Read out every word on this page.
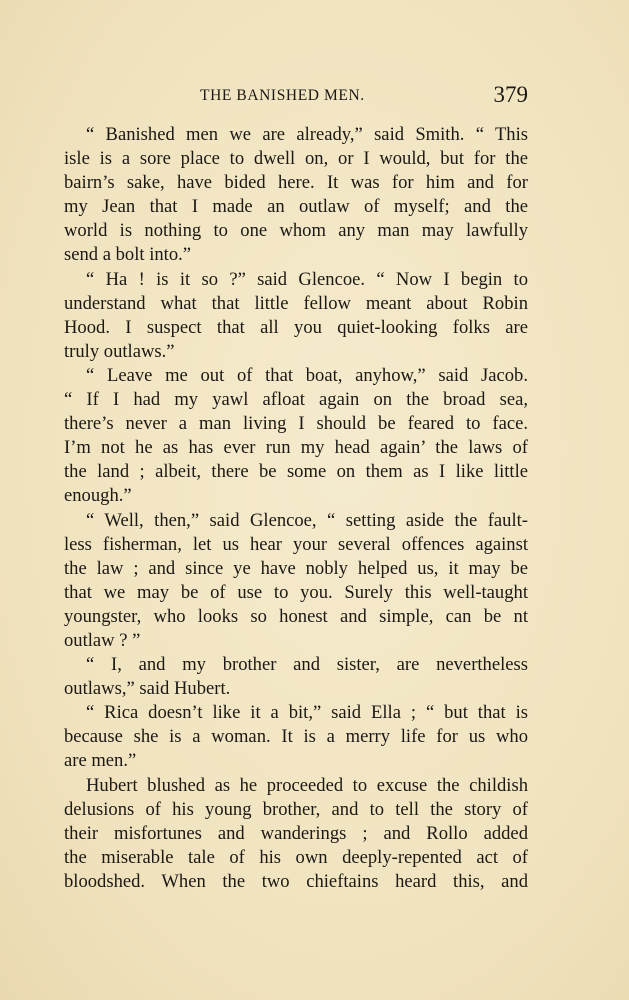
THE BANISHED MEN.	379
“ Banished men we are already,” said Smith. “ This
isle is a sore place to dwell on, or I would, but for the
bairn’s sake, have bided here. It was for him and for
my Jean that I made an outlaw of myself; and the
world is nothing to one whom any man may lawfully
send a bolt into.”
“ Ha ! is it so ?” said Glencoe. “ Now I begin to
understand what that little fellow meant about Robin
Hood. I suspect that all you quiet-looking folks are
truly outlaws.”
“ Leave me out of that boat, anyhow,” said Jacob.
“ If I had my yawl afloat again on the broad sea,
there’s never a man living I should be feared to face.
I’m not he as has ever run my head again’ the laws of
the land ; albeit, there be some on them as I like little
enough.”
“ Well, then,” said Glencoe, “ setting aside the fault-
less fisherman, let us hear your several offences against
the law ; and since ye have nobly helped us, it may be
that we may be of use to you. Surely this well-taught
youngster, who looks so honest and simple, can be nt
outlaw ? ”
“ I, and my brother and sister, are nevertheless
outlaws,” said Hubert.
“ Rica doesn’t like it a bit,” said Ella ; “ but that is
because she is a woman. It is a merry life for us who
are men.”
Hubert blushed as he proceeded to excuse the childish
delusions of his young brother, and to tell the story of
their misfortunes and wanderings ; and Rollo added
the miserable tale of his own deeply-repented act of
bloodshed. When the two chieftains heard this, and
